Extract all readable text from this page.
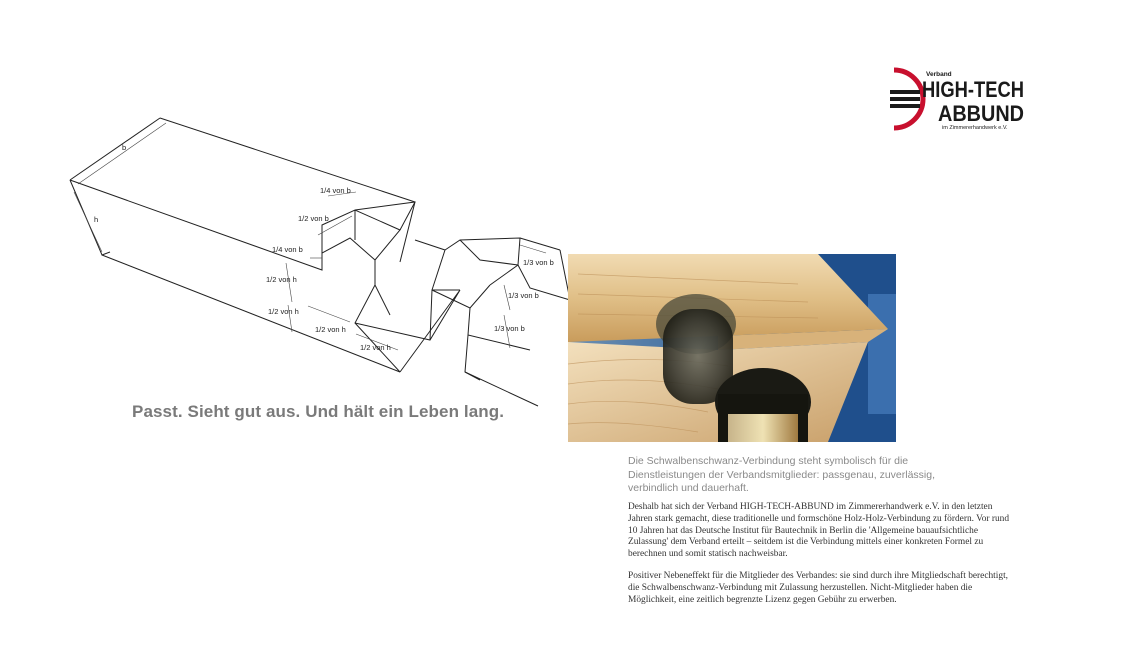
Verband
HIGH-TECH
ABBUND
im Zimmererhandwerk e.V.
b
h
1/4 von b
1/2 von b
1/4 von b
1/2 von h
1/2 von h
1/2 von h
1/2 von h
1/3 von b
1/3 von b
1/3 von b
Passt. Sieht gut aus. Und hält ein Leben lang.

Die Schwalbenschwanz-Verbindung steht symbolisch für die Dienstleistungen der Verbandsmitglieder: passgenau, zuverlässig, verbindlich und dauerhaft.

Deshalb hat sich der Verband HIGH-TECH-ABBUND im Zimmererhandwerk e.V. in den letzten Jahren stark gemacht, diese traditionelle und formschöne Holz-Holz-Verbindung zu fördern. Vor rund 10 Jahren hat das Deutsche Institut für Bautechnik in Berlin die 'Allgemeine bauaufsichtliche Zulassung' dem Verband erteilt – seitdem ist die Verbindung mittels einer konkreten Formel zu berechnen und somit statisch nachweisbar.

Positiver Nebeneffekt für die Mitglieder des Verbandes: sie sind durch ihre Mitgliedschaft berechtigt, die Schwalbenschwanz-Verbindung mit Zulassung herzustellen. Nicht-Mitglieder haben die Möglichkeit, eine zeitlich begrenzte Lizenz gegen Gebühr zu erwerben.
